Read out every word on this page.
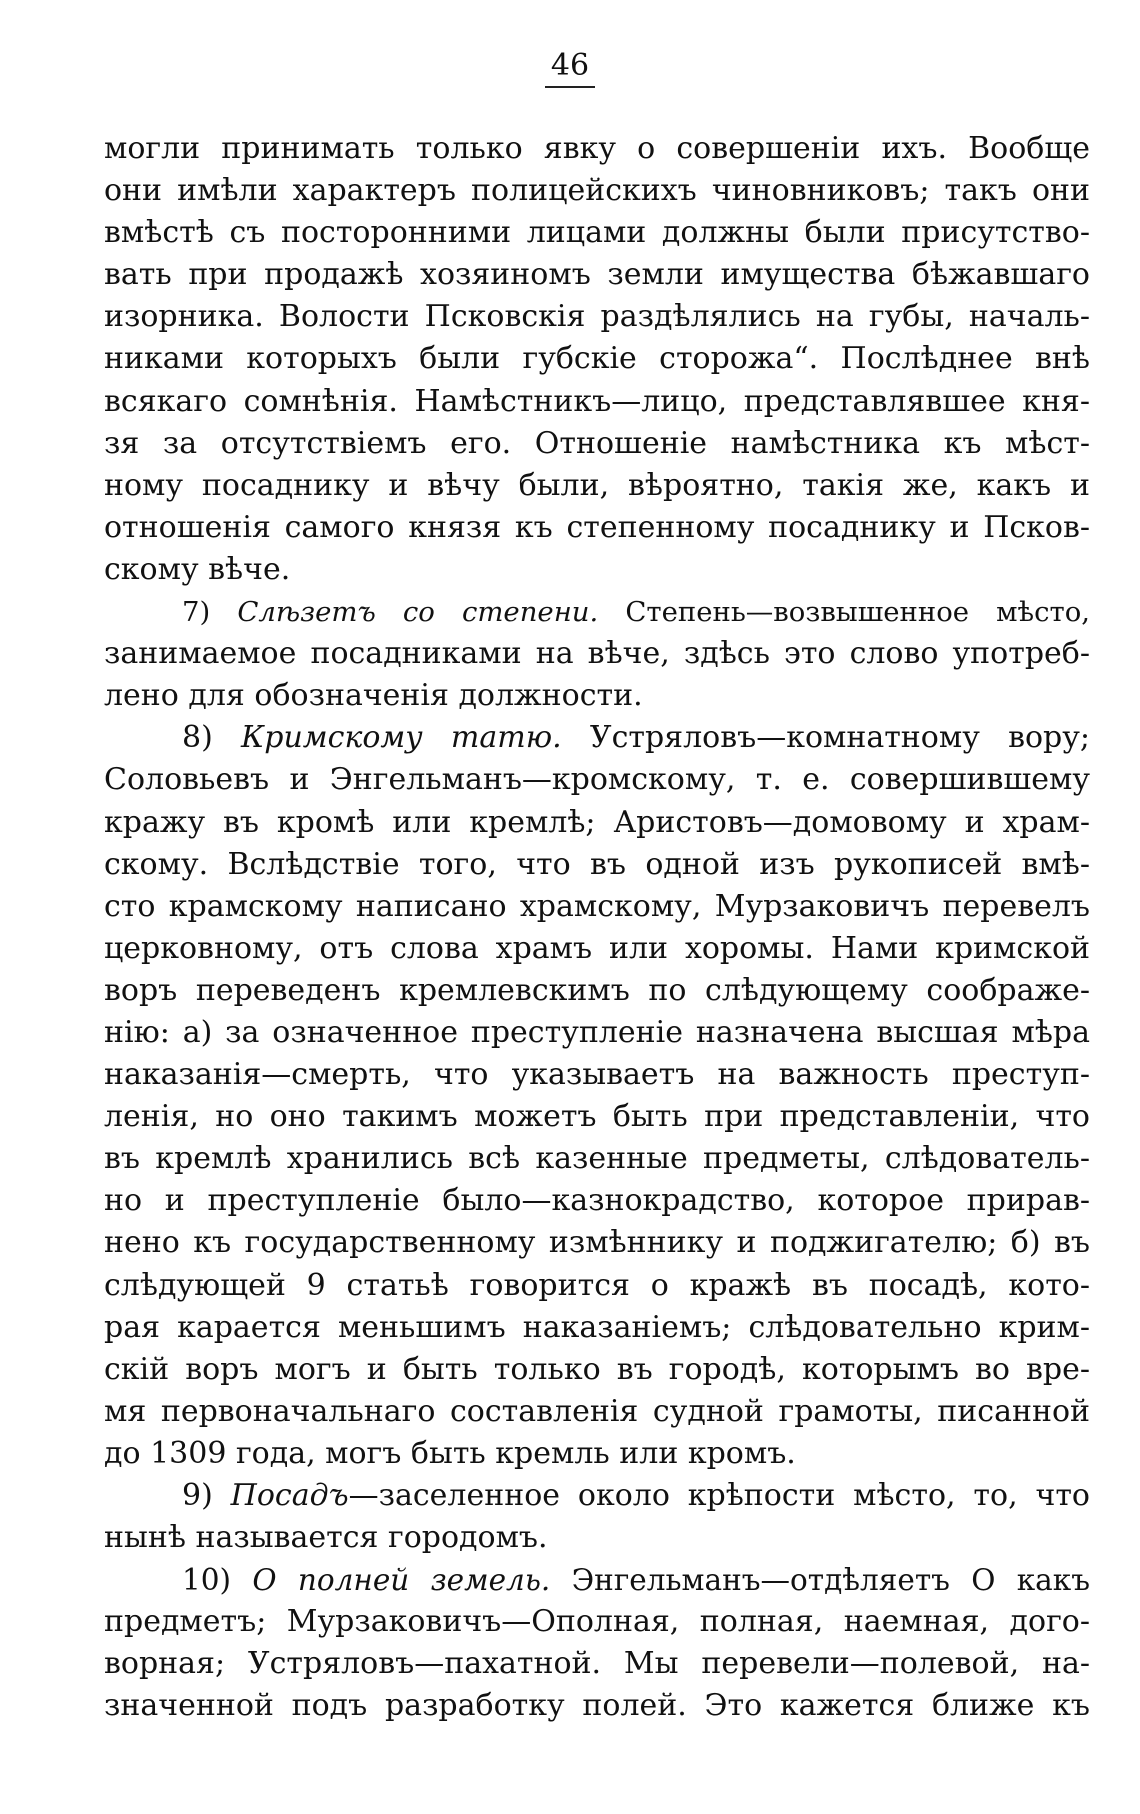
46
могли принимать только явку о совершенiи ихъ. Вообще
они имѣли характеръ полицейскихъ чиновниковъ; такъ они
вмѣстѣ съ посторонними лицами должны были присутство-
вать при продажѣ хозяиномъ земли имущества бѣжавшаго
изорника. Волости Псковскiя раздѣлялись на губы, началь-
никами которыхъ были губскiе сторожа“. Послѣднее внѣ
всякаго сомнѣнiя. Намѣстникъ—лицо, представлявшее кня-
зя за отсутствiемъ его. Отношенiе намѣстника къ мѣст-
ному посаднику и вѣчу были, вѣроятно, такiя же, какъ и
отношенiя самого князя къ степенному посаднику и Псков-
скому вѣче.
7) Слѣзетъ со степени. Степень—возвышенное мѣсто,
занимаемое посадниками на вѣче, здѣсь это слово употреб-
лено для обозначенiя должности.
8) Кримскому татю. Устряловъ—комнатному вору;
Соловьевъ и Энгельманъ—кромскому, т. е. совершившему
кражу въ кромѣ или кремлѣ; Аристовъ—домовому и храм-
скому. Вслѣдствiе того, что въ одной изъ рукописей вмѣ-
сто крамскому написано храмскому, Мурзаковичъ перевелъ
церковному, отъ слова храмъ или хоромы. Нами кримской
воръ переведенъ кремлевскимъ по слѣдующему соображе-
нiю: а) за означенное преступленiе назначена высшая мѣра
наказанiя—смерть, что указываетъ на важность преступ-
ленiя, но оно такимъ можетъ быть при представленiи, что
въ кремлѣ хранились всѣ казенные предметы, слѣдователь-
но и преступленiе было—казнокрадство, которое прирав-
нено къ государственному измѣннику и поджигателю; б) въ
слѣдующей 9 статьѣ говорится о кражѣ въ посадѣ, кото-
рая карается меньшимъ наказанiемъ; слѣдовательно крим-
скiй воръ могъ и быть только въ городѣ, которымъ во вре-
мя первоначальнаго составленiя судной грамоты, писанной
до 1309 года, могъ быть кремль или кромъ.
9) Посадъ—заселенное около крѣпости мѣсто, то, что
нынѣ называется городомъ.
10) О полней земель. Энгельманъ—отдѣляетъ О какъ
предметъ; Мурзаковичъ—Ополная, полная, наемная, дого-
ворная; Устряловъ—пахатной. Мы перевели—полевой, на-
значенной подъ разработку полей. Это кажется ближе къ
